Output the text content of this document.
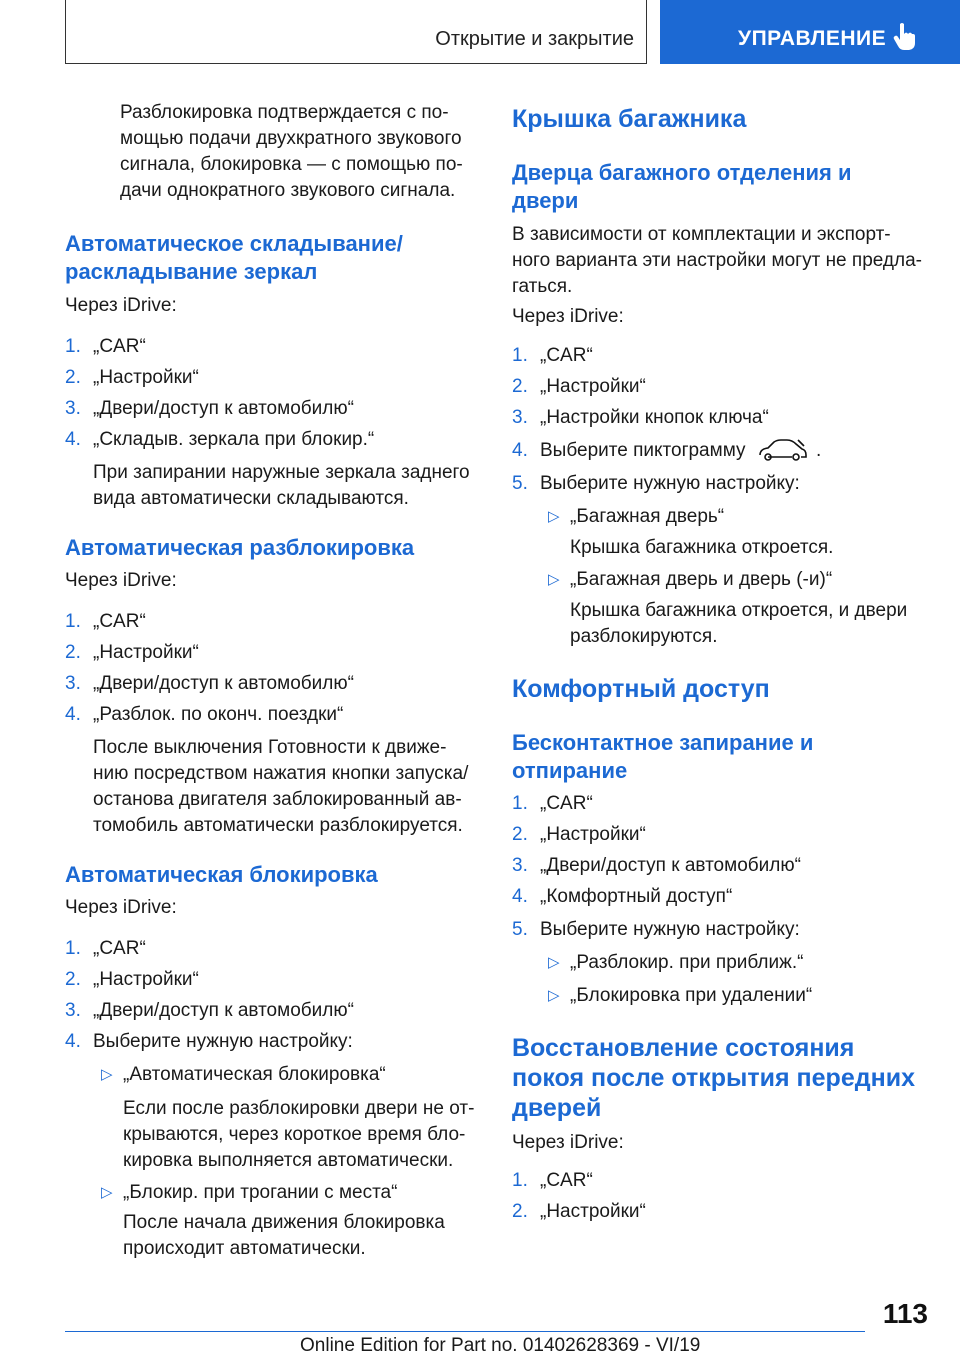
Открытие и закрытие	УПРАВЛЕНИЕ
Разблокировка подтверждается с по-
мощью подачи двухкратного звукового
сигнала, блокировка — с помощью по-
дачи однократного звукового сигнала.
Автоматическое складывание/
раскладывание зеркал
Через iDrive:
1. „CAR“
2. „Настройки“
3. „Двери/доступ к автомобилю“
4. „Складыв. зеркала при блокир.“
При запирании наружные зеркала заднего
вида автоматически складываются.
Автоматическая разблокировка
Через iDrive:
1. „CAR“
2. „Настройки“
3. „Двери/доступ к автомобилю“
4. „Разблок. по оконч. поездки“
После выключения Готовности к движе-
нию посредством нажатия кнопки запуска/
останова двигателя заблокированный ав-
томобиль автоматически разблокируется.
Автоматическая блокировка
Через iDrive:
1. „CAR“
2. „Настройки“
3. „Двери/доступ к автомобилю“
4. Выберите нужную настройку:
▷ „Автоматическая блокировка“
Если после разблокировки двери не от-
крываются, через короткое время бло-
кировка выполняется автоматически.
▷ „Блокир. при трогании с места“
После начала движения блокировка
происходит автоматически.
Крышка багажника
Дверца багажного отделения и
двери
В зависимости от комплектации и экспорт-
ного варианта эти настройки могут не предла-
гаться.
Через iDrive:
1. „CAR“
2. „Настройки“
3. „Настройки кнопок ключа“
4. Выберите пиктограмму	.
5. Выберите нужную настройку:
▷ „Багажная дверь“
Крышка багажника откроется.
▷ „Багажная дверь и дверь (-и)“
Крышка багажника откроется, и двери
разблокируются.
Комфортный доступ
Бесконтактное запирание и
отпирание
1. „CAR“
2. „Настройки“
3. „Двери/доступ к автомобилю“
4. „Комфортный доступ“
5. Выберите нужную настройку:
▷ „Разблокир. при приближ.“
▷ „Блокировка при удалении“
Восстановление состояния
покоя после открытия передних
дверей
Через iDrive:
1. „CAR“
2. „Настройки“
113
Online Edition for Part no. 01402628369 - VI/19
